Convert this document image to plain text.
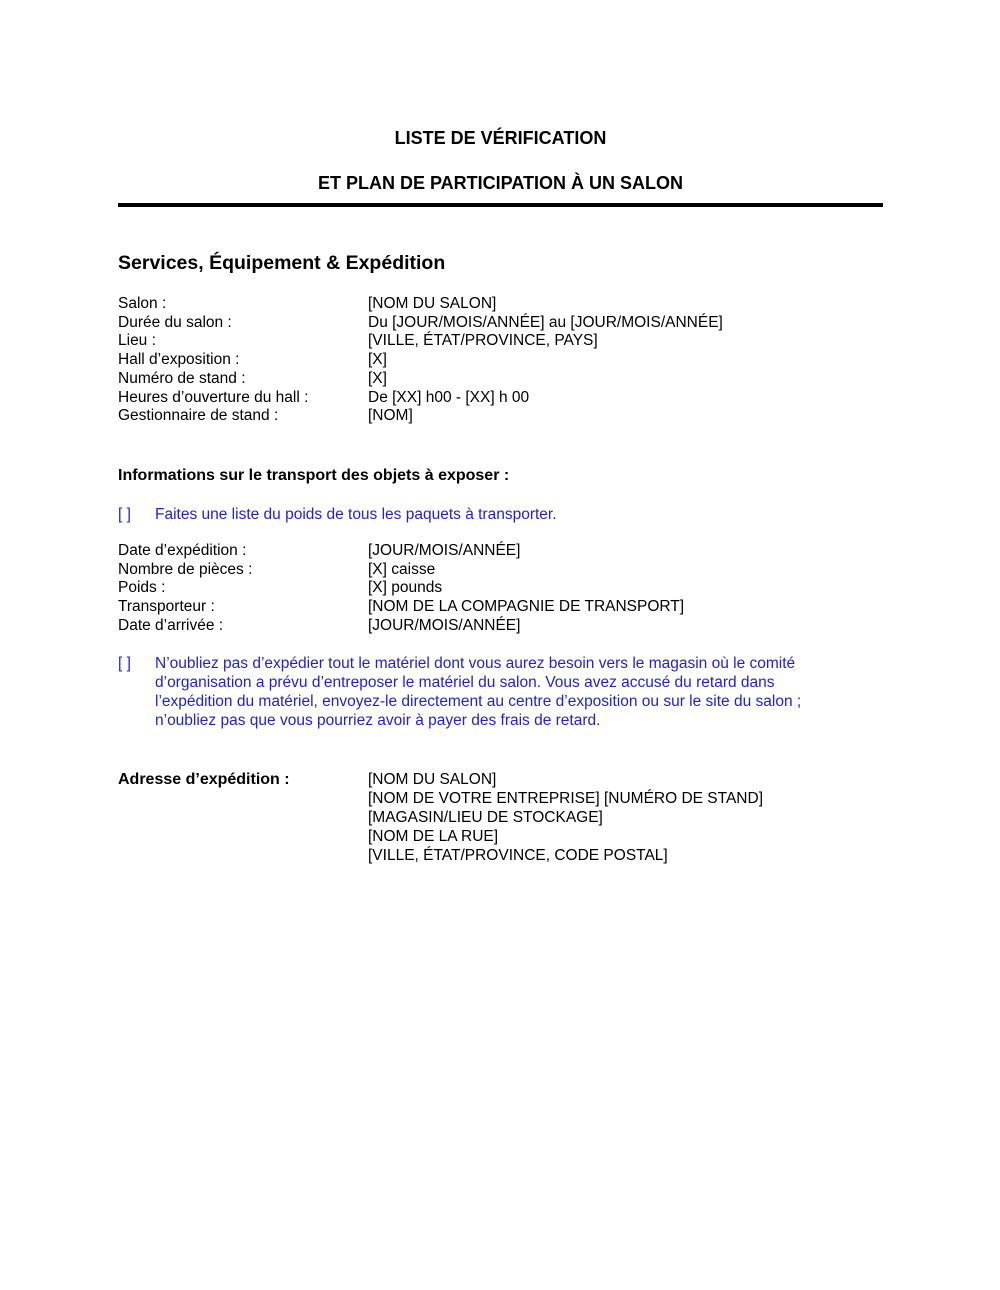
LISTE DE VÉRIFICATION
ET PLAN DE PARTICIPATION À UN SALON
Services, Équipement & Expédition
Salon :	[NOM DU SALON]
Durée du salon :	Du [JOUR/MOIS/ANNÉE] au [JOUR/MOIS/ANNÉE]
Lieu :	[VILLE, ÉTAT/PROVINCE, PAYS]
Hall d’exposition :	[X]
Numéro de stand :	[X]
Heures d’ouverture du hall :	De [XX] h00 - [XX] h 00
Gestionnaire de stand :	[NOM]
Informations sur le transport des objets à exposer :
[ ]	Faites une liste du poids de tous les paquets à transporter.
Date d’expédition :	[JOUR/MOIS/ANNÉE]
Nombre de pièces :	[X] caisse
Poids :	[X] pounds
Transporteur :	[NOM DE LA COMPAGNIE DE TRANSPORT]
Date d’arrivée :	[JOUR/MOIS/ANNÉE]
[ ]	N’oubliez pas d’expédier tout le matériel dont vous aurez besoin vers le magasin où le comité d’organisation a prévu d’entreposer le matériel du salon. Vous avez accusé du retard dans l’expédition du matériel, envoyez-le directement au centre d’exposition ou sur le site du salon ; n’oubliez pas que vous pourriez avoir à payer des frais de retard.
Adresse d’expédition :	[NOM DU SALON]
[NOM DE VOTRE ENTREPRISE] [NUMÉRO DE STAND]
[MAGASIN/LIEU DE STOCKAGE]
[NOM DE LA RUE]
[VILLE, ÉTAT/PROVINCE, CODE POSTAL]
